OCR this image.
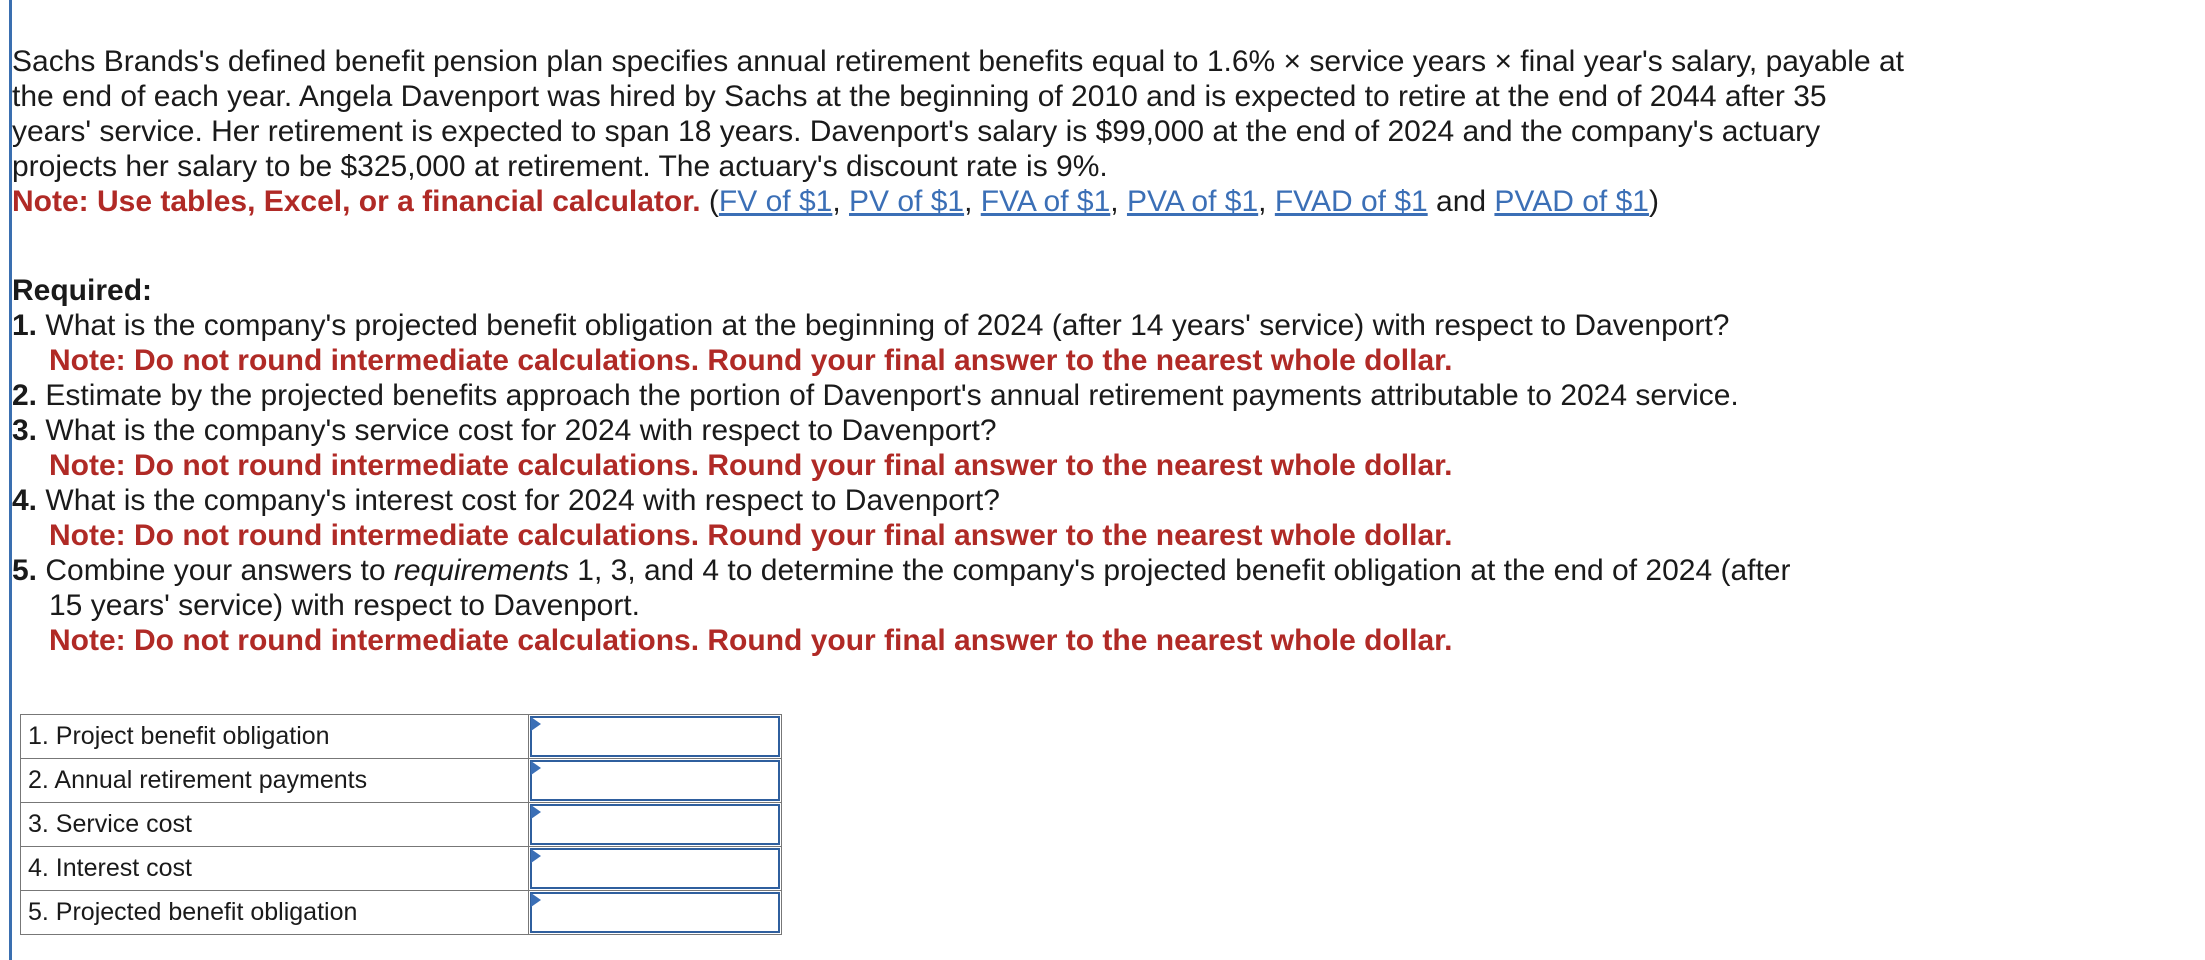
Sachs Brands's defined benefit pension plan specifies annual retirement benefits equal to 1.6% × service years × final year's salary, payable at the end of each year. Angela Davenport was hired by Sachs at the beginning of 2010 and is expected to retire at the end of 2044 after 35 years' service. Her retirement is expected to span 18 years. Davenport's salary is $99,000 at the end of 2024 and the company's actuary projects her salary to be $325,000 at retirement. The actuary's discount rate is 9%.

Note: Use tables, Excel, or a financial calculator. (FV of $1, PV of $1, FVA of $1, PVA of $1, FVAD of $1 and PVAD of $1)

Required:
1. What is the company's projected benefit obligation at the beginning of 2024 (after 14 years' service) with respect to Davenport?
Note: Do not round intermediate calculations. Round your final answer to the nearest whole dollar.
2. Estimate by the projected benefits approach the portion of Davenport's annual retirement payments attributable to 2024 service.
3. What is the company's service cost for 2024 with respect to Davenport?
Note: Do not round intermediate calculations. Round your final answer to the nearest whole dollar.
4. What is the company's interest cost for 2024 with respect to Davenport?
Note: Do not round intermediate calculations. Round your final answer to the nearest whole dollar.
5. Combine your answers to requirements 1, 3, and 4 to determine the company's projected benefit obligation at the end of 2024 (after
15 years' service) with respect to Davenport.
Note: Do not round intermediate calculations. Round your final answer to the nearest whole dollar.
1. Project benefit obligation	

2. Annual retirement payments	

3. Service cost	

4. Interest cost	

5. Projected benefit obligation	
